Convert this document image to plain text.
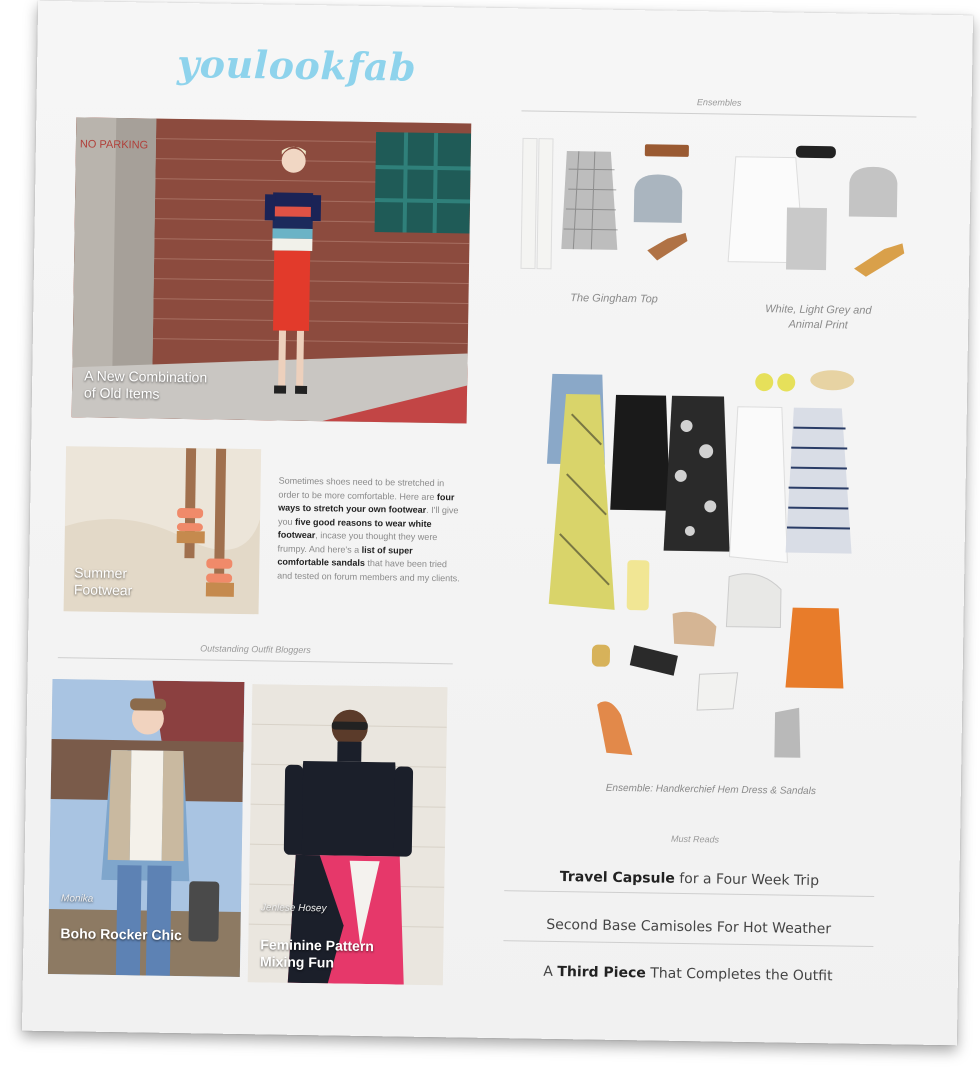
youlookfab
NO PARKING
A New Combination
of Old Items
Summer
Footwear
Sometimes shoes need to be stretched in order to be more comfortable. Here are four ways to stretch your own footwear. I'll give you five good reasons to wear white footwear, incase you thought they were frumpy. And here's a list of super comfortable sandals that have been tried and tested on forum members and my clients.
Outstanding Outfit Bloggers
Monika
Boho Rocker Chic
Jenlese Hosey
Feminine Pattern
Mixing Fun
Ensembles
The Gingham Top
White, Light Grey and
Animal Print
Ensemble: Handkerchief Hem Dress & Sandals
Must Reads
Travel Capsule for a Four Week Trip
Second Base Camisoles For Hot Weather
A Third Piece That Completes the Outfit
